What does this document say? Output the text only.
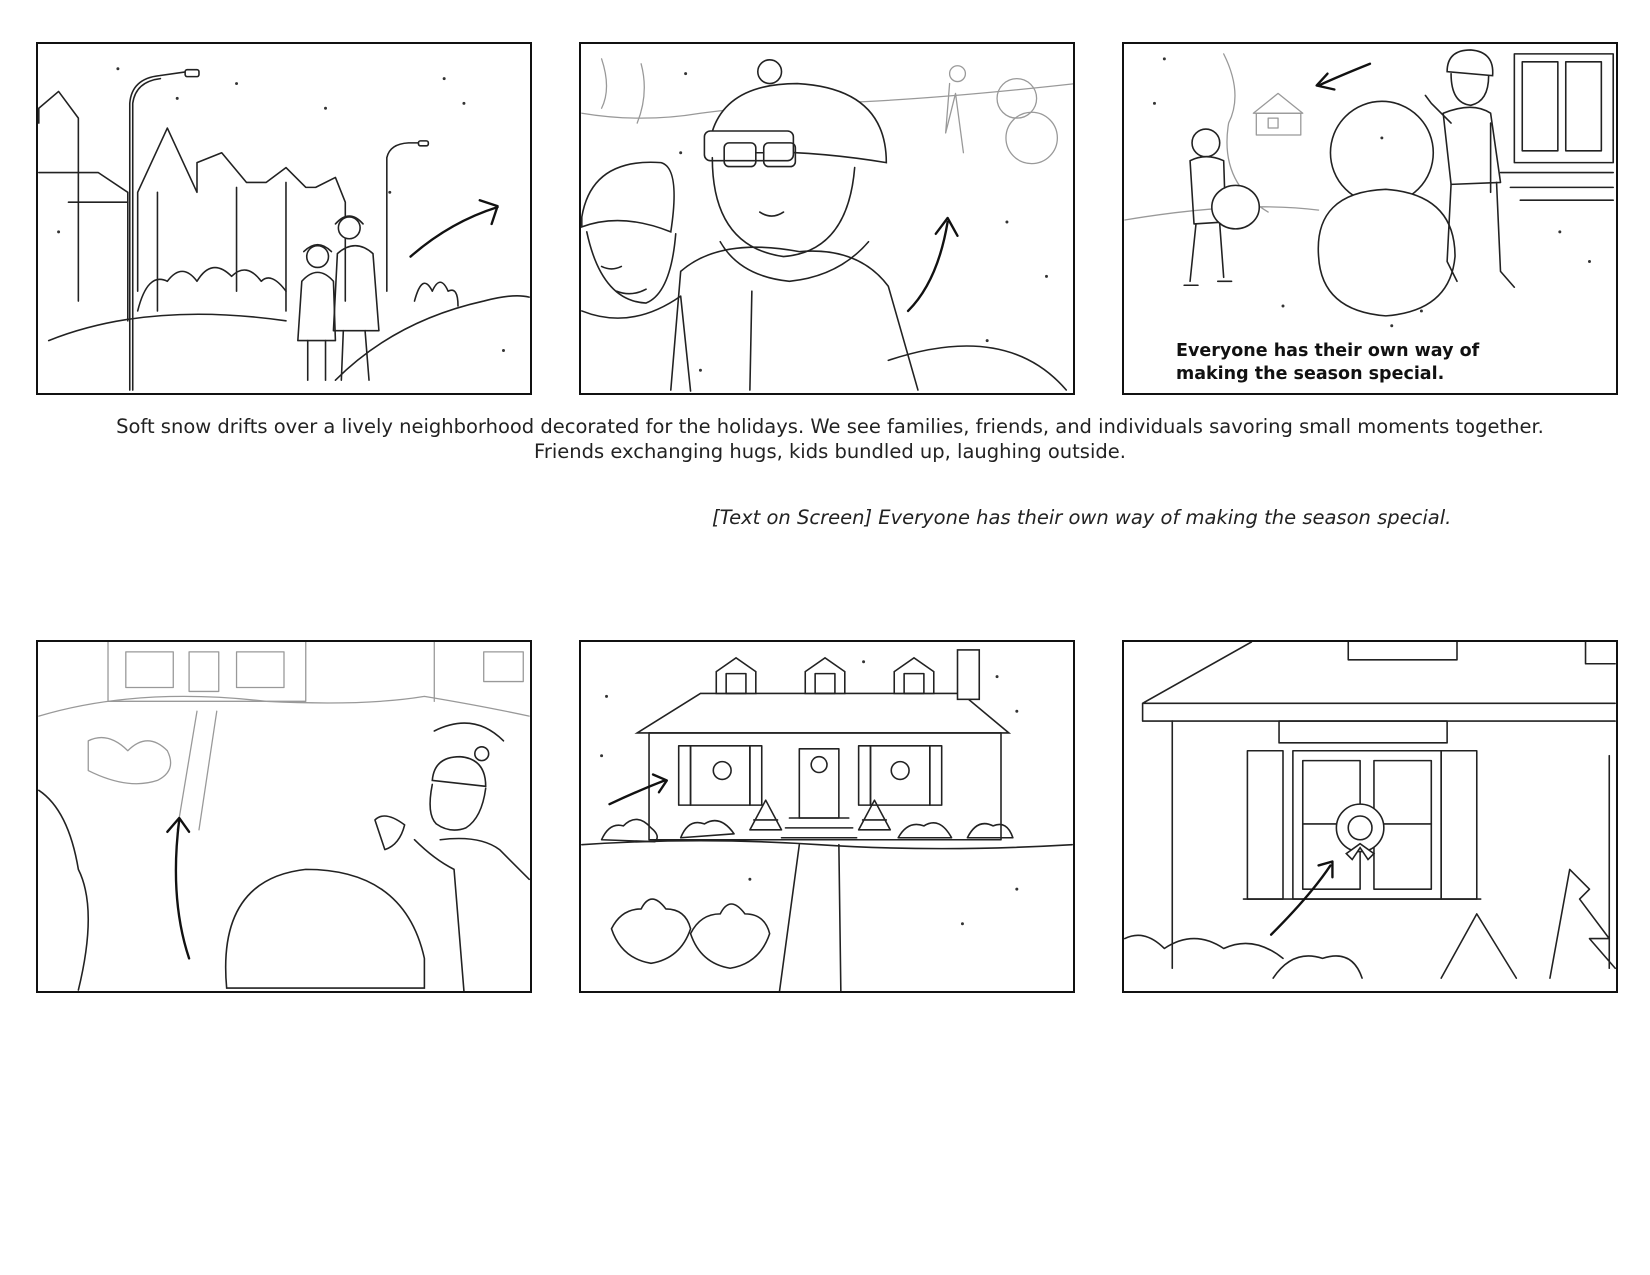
Everyone has their own way of
making the season special.
Soft snow drifts over a lively neighborhood decorated for the holidays. We see families, friends, and individuals savoring small moments together.
Friends exchanging hugs, kids bundled up, laughing outside.
[Text on Screen] Everyone has their own way of making the season special.
